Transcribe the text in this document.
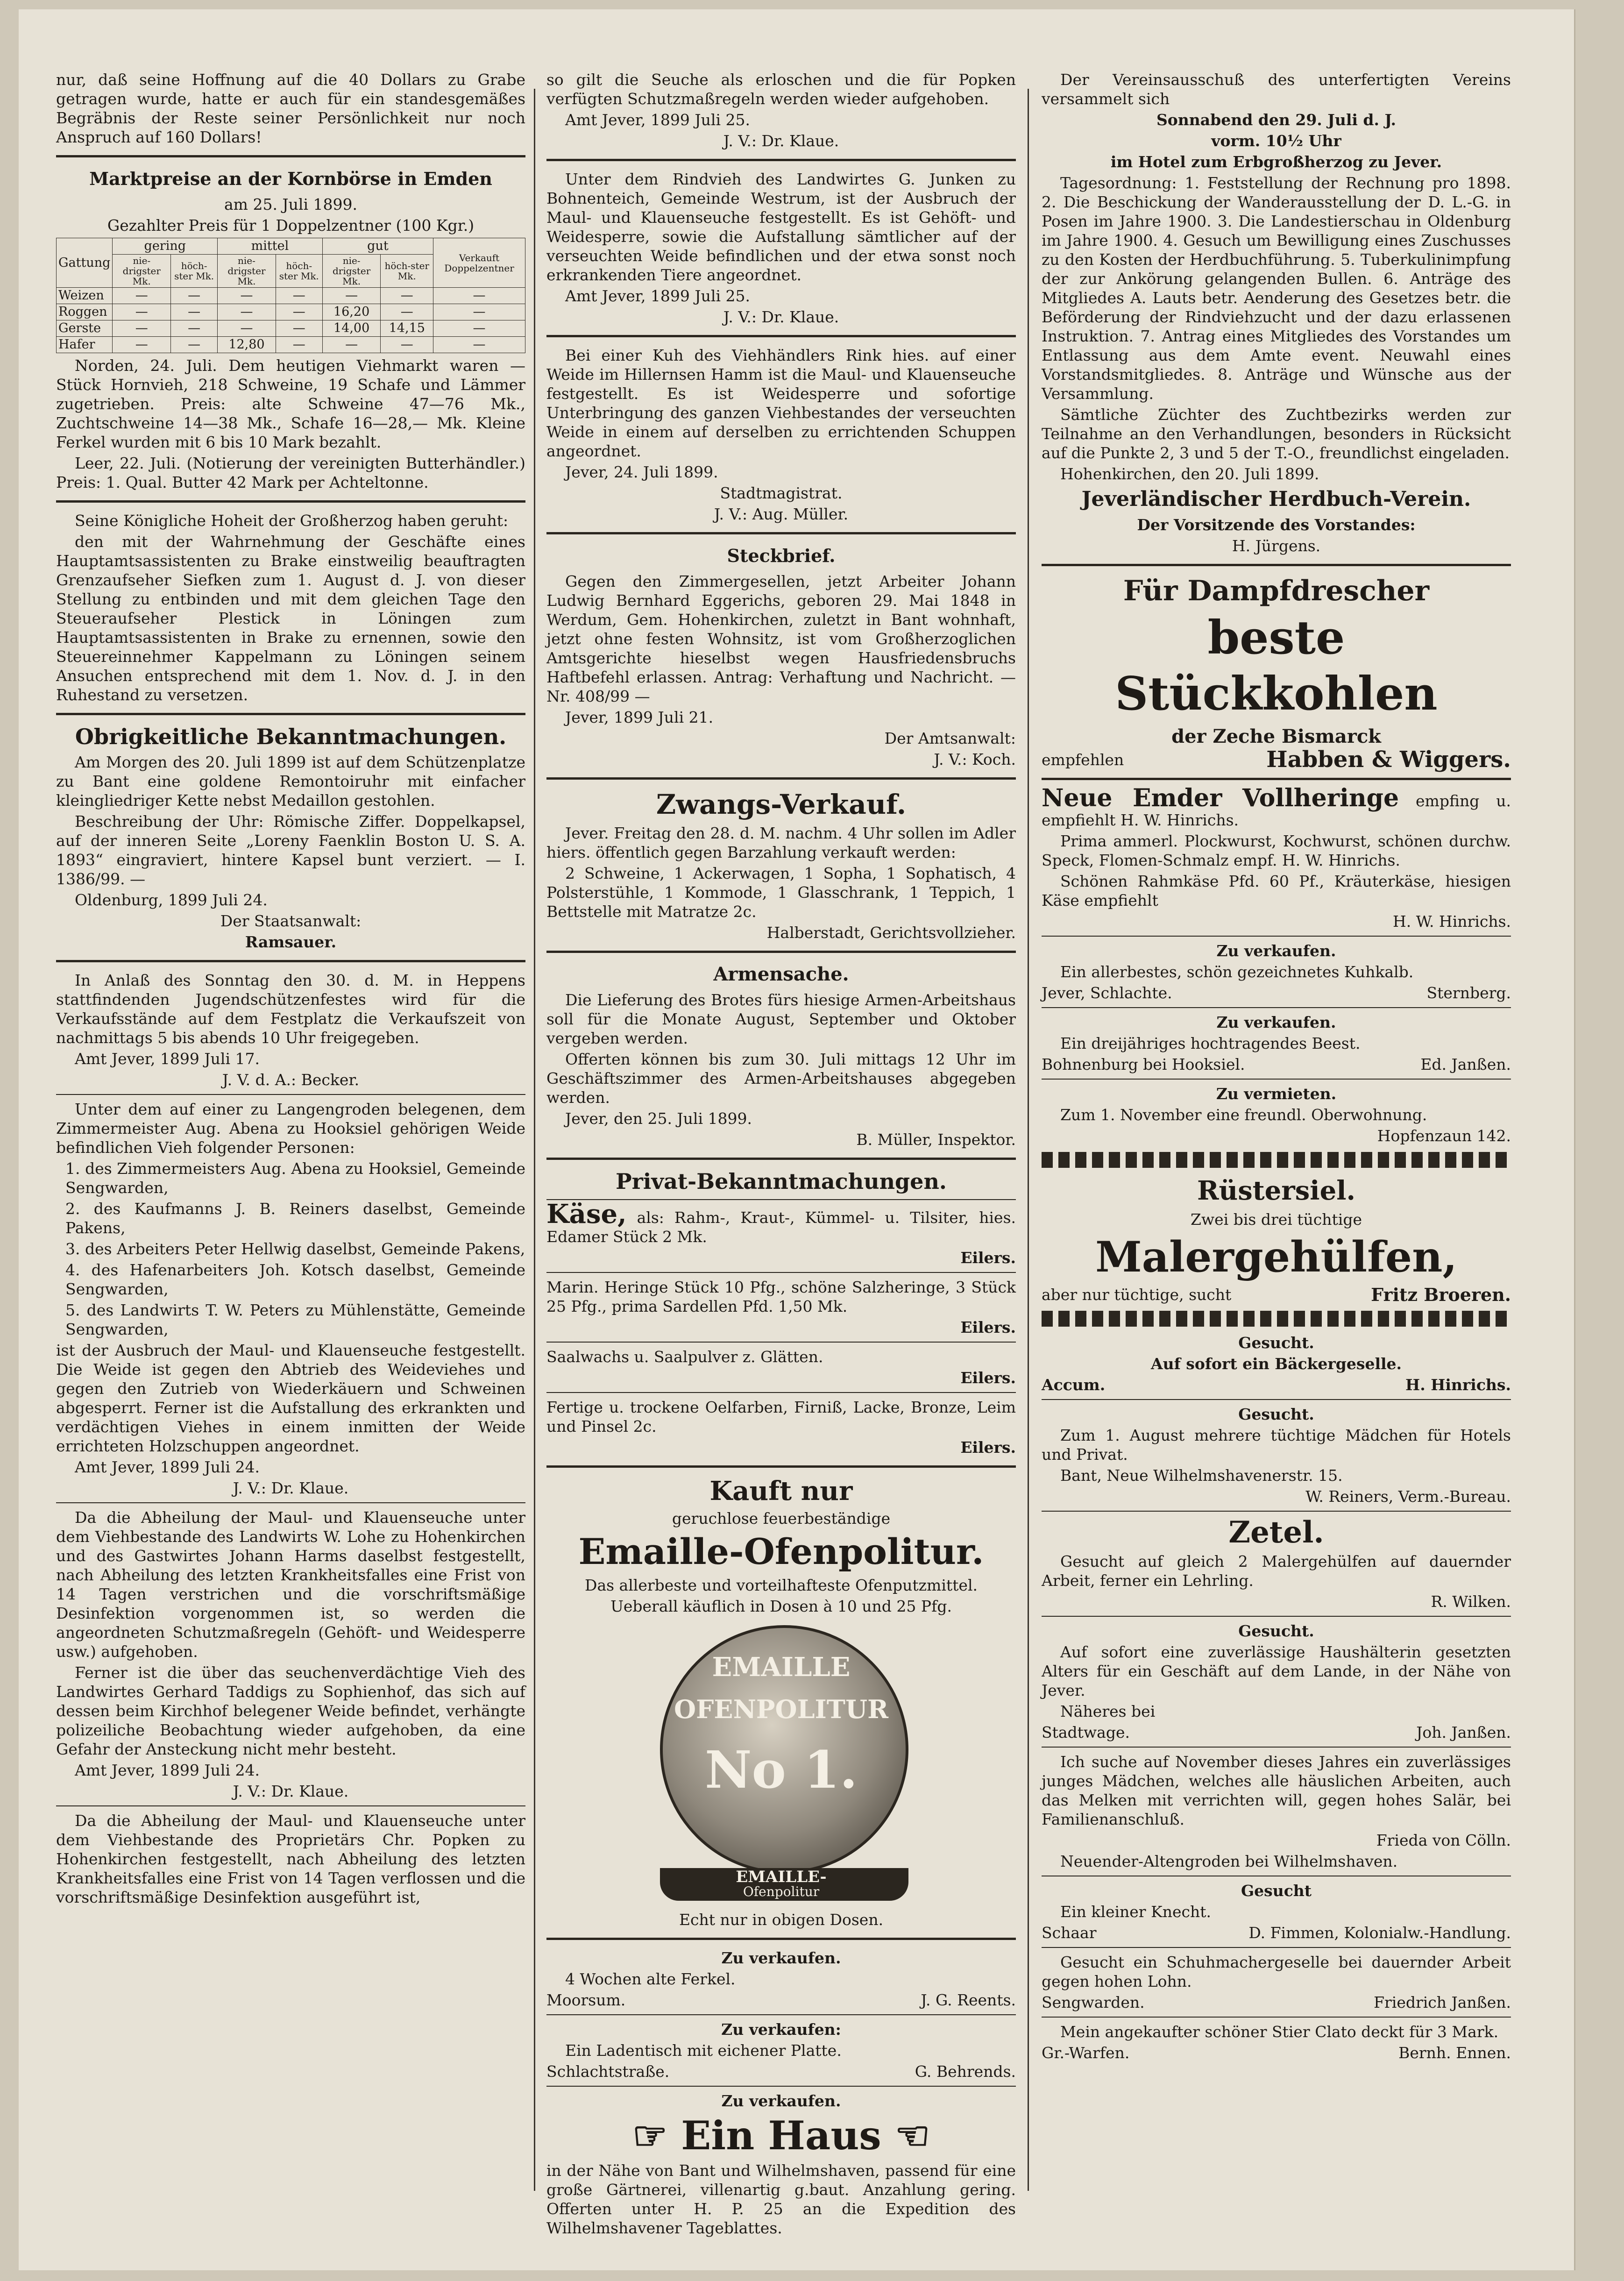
nur, daß seine Hoffnung auf die 40 Dollars zu Grabe getragen wurde, hatte er auch für ein standesgemäßes Begräbnis der Reste seiner Persönlichkeit nur noch Anspruch auf 160 Dollars!

Marktpreise an der Kornbörse in Emden

am 25. Juli 1899.

Gezahlter Preis für 1 Doppelzentner (100 Kgr.)

Gattung	gering		mittel		gut		Verkauft Doppelzentner
	nie-drigster Mk.	höch-ster Mk.	nie-drigster Mk.	höch-ster Mk.	nie-drigster Mk.	höch-ster Mk.	
Weizen	—	—	—	—	—	—	—
Roggen	—	—	—	—	16,20	—	—
Gerste	—	—	—	—	14,00	14,15	—
Hafer	—	—	12,80	—	—	—	—

Norden, 24. Juli. Dem heutigen Viehmarkt waren — Stück Hornvieh, 218 Schweine, 19 Schafe und Lämmer zugetrieben. Preis: alte Schweine 47—76 Mk., Zuchtschweine 14—38 Mk., Schafe 16—28,— Mk. Kleine Ferkel wurden mit 6 bis 10 Mark bezahlt.

Leer, 22. Juli. (Notierung der vereinigten Butterhändler.) Preis: 1. Qual. Butter 42 Mark per Achteltonne.

Seine Königliche Hoheit der Großherzog haben geruht:

den mit der Wahrnehmung der Geschäfte eines Hauptamtsassistenten zu Brake einstweilig beauftragten Grenzaufseher Siefken zum 1. August d. J. von dieser Stellung zu entbinden und mit dem gleichen Tage den Steueraufseher Plestick in Löningen zum Hauptamtsassistenten in Brake zu ernennen, sowie den Steuereinnehmer Kappelmann zu Löningen seinem Ansuchen entsprechend mit dem 1. Nov. d. J. in den Ruhestand zu versetzen.

Obrigkeitliche Bekanntmachungen.

Am Morgen des 20. Juli 1899 ist auf dem Schützenplatze zu Bant eine goldene Remontoiruhr mit einfacher kleingliedriger Kette nebst Medaillon gestohlen.

Beschreibung der Uhr: Römische Ziffer. Doppelkapsel, auf der inneren Seite „Loreny Faenklin Boston U. S. A. 1893“ eingraviert, hintere Kapsel bunt verziert. — I. 1386/99. —

Oldenburg, 1899 Juli 24.

Der Staatsanwalt:

Ramsauer.

In Anlaß des Sonntag den 30. d. M. in Heppens stattfindenden Jugendschützenfestes wird für die Verkaufsstände auf dem Festplatz die Verkaufszeit von nachmittags 5 bis abends 10 Uhr freigegeben.

Amt Jever, 1899 Juli 17.

J. V. d. A.: Becker.

Unter dem auf einer zu Langengroden belegenen, dem Zimmermeister Aug. Abena zu Hooksiel gehörigen Weide befindlichen Vieh folgender Personen:

1. des Zimmermeisters Aug. Abena zu Hooksiel, Gemeinde Sengwarden,

2. des Kaufmanns J. B. Reiners daselbst, Gemeinde Pakens,

3. des Arbeiters Peter Hellwig daselbst, Gemeinde Pakens,

4. des Hafenarbeiters Joh. Kotsch daselbst, Gemeinde Sengwarden,

5. des Landwirts T. W. Peters zu Mühlenstätte, Gemeinde Sengwarden,

ist der Ausbruch der Maul- und Klauenseuche festgestellt. Die Weide ist gegen den Abtrieb des Weideviehes und gegen den Zutrieb von Wiederkäuern und Schweinen abgesperrt. Ferner ist die Aufstallung des erkrankten und verdächtigen Viehes in einem inmitten der Weide errichteten Holzschuppen angeordnet.

Amt Jever, 1899 Juli 24.

J. V.: Dr. Klaue.

Da die Abheilung der Maul- und Klauenseuche unter dem Viehbestande des Landwirts W. Lohe zu Hohenkirchen und des Gastwirtes Johann Harms daselbst festgestellt, nach Abheilung des letzten Krankheitsfalles eine Frist von 14 Tagen verstrichen und die vorschriftsmäßige Desinfektion vorgenommen ist, so werden die angeordneten Schutzmaßregeln (Gehöft- und Weidesperre usw.) aufgehoben.

Ferner ist die über das seuchenverdächtige Vieh des Landwirtes Gerhard Taddigs zu Sophienhof, das sich auf dessen beim Kirchhof belegener Weide befindet, verhängte polizeiliche Beobachtung wieder aufgehoben, da eine Gefahr der Ansteckung nicht mehr besteht.

Amt Jever, 1899 Juli 24.

J. V.: Dr. Klaue.

Da die Abheilung der Maul- und Klauenseuche unter dem Viehbestande des Proprietärs Chr. Popken zu Hohenkirchen festgestellt, nach Abheilung des letzten Krankheitsfalles eine Frist von 14 Tagen verflossen und die vorschriftsmäßige Desinfektion ausgeführt ist,

so gilt die Seuche als erloschen und die für Popken verfügten Schutzmaßregeln werden wieder aufgehoben.

Amt Jever, 1899 Juli 25.

J. V.: Dr. Klaue.

Unter dem Rindvieh des Landwirtes G. Junken zu Bohnenteich, Gemeinde Westrum, ist der Ausbruch der Maul- und Klauenseuche festgestellt. Es ist Gehöft- und Weidesperre, sowie die Aufstallung sämtlicher auf der verseuchten Weide befindlichen und der etwa sonst noch erkrankenden Tiere angeordnet.

Amt Jever, 1899 Juli 25.

J. V.: Dr. Klaue.

Bei einer Kuh des Viehhändlers Rink hies. auf einer Weide im Hillernsen Hamm ist die Maul- und Klauenseuche festgestellt. Es ist Weidesperre und sofortige Unterbringung des ganzen Viehbestandes der verseuchten Weide in einem auf derselben zu errichtenden Schuppen angeordnet.

Jever, 24. Juli 1899.

Stadtmagistrat.

J. V.: Aug. Müller.

Steckbrief.

Gegen den Zimmergesellen, jetzt Arbeiter Johann Ludwig Bernhard Eggerichs, geboren 29. Mai 1848 in Werdum, Gem. Hohenkirchen, zuletzt in Bant wohnhaft, jetzt ohne festen Wohnsitz, ist vom Großherzoglichen Amtsgerichte hieselbst wegen Hausfriedensbruchs Haftbefehl erlassen. Antrag: Verhaftung und Nachricht. — Nr. 408/99 —

Jever, 1899 Juli 21.

Der Amtsanwalt:

J. V.: Koch.

Zwangs-Verkauf.

Jever. Freitag den 28. d. M. nachm. 4 Uhr sollen im Adler hiers. öffentlich gegen Barzahlung verkauft werden:

2 Schweine, 1 Ackerwagen, 1 Sopha, 1 Sophatisch, 4 Polsterstühle, 1 Kommode, 1 Glasschrank, 1 Teppich, 1 Bettstelle mit Matratze 2c.

Halberstadt, Gerichtsvollzieher.

Armensache.

Die Lieferung des Brotes fürs hiesige Armen-Arbeitshaus soll für die Monate August, September und Oktober vergeben werden.

Offerten können bis zum 30. Juli mittags 12 Uhr im Geschäftszimmer des Armen-Arbeitshauses abgegeben werden.

Jever, den 25. Juli 1899.

B. Müller, Inspektor.

Privat-Bekanntmachungen.

Käse, als: Rahm-, Kraut-, Kümmel- u. Tilsiter, hies. Edamer Stück 2 Mk.

Eilers.

Marin. Heringe Stück 10 Pfg., schöne Salzheringe, 3 Stück 25 Pfg., prima Sardellen Pfd. 1,50 Mk.

Eilers.

Saalwachs u. Saalpulver z. Glätten.

Eilers.

Fertige u. trockene Oelfarben, Firniß, Lacke, Bronze, Leim und Pinsel 2c.

Eilers.

Kauft nur

geruchlose feuerbeständige

Emaille-Ofenpolitur.

Das allerbeste und vorteilhafteste Ofenputzmittel.

Ueberall käuflich in Dosen à 10 und 25 Pfg.

EMAILLE
OFENPOLITUR
No 1.
EMAILLE-
Ofenpolitur

Echt nur in obigen Dosen.

Zu verkaufen.

4 Wochen alte Ferkel.

Moorsum.	J. G. Reents.

Zu verkaufen:

Ein Ladentisch mit eichener Platte.

Schlachtstraße.	G. Behrends.

Zu verkaufen.

☞ Ein Haus ☜

in der Nähe von Bant und Wilhelmshaven, passend für eine große Gärtnerei, villenartig g.baut. Anzahlung gering. Offerten unter H. P. 25 an die Expedition des Wilhelmshavener Tageblattes.

Der Vereinsausschuß des unterfertigten Vereins versammelt sich

Sonnabend den 29. Juli d. J.

vorm. 10½ Uhr

im Hotel zum Erbgroßherzog zu Jever.

Tagesordnung: 1. Feststellung der Rechnung pro 1898. 2. Die Beschickung der Wanderausstellung der D. L.-G. in Posen im Jahre 1900. 3. Die Landestierschau in Oldenburg im Jahre 1900. 4. Gesuch um Bewilligung eines Zuschusses zu den Kosten der Herdbuchführung. 5. Tuberkulinimpfung der zur Ankörung gelangenden Bullen. 6. Anträge des Mitgliedes A. Lauts betr. Aenderung des Gesetzes betr. die Beförderung der Rindviehzucht und der dazu erlassenen Instruktion. 7. Antrag eines Mitgliedes des Vorstandes um Entlassung aus dem Amte event. Neuwahl eines Vorstandsmitgliedes. 8. Anträge und Wünsche aus der Versammlung.

Sämtliche Züchter des Zuchtbezirks werden zur Teilnahme an den Verhandlungen, besonders in Rücksicht auf die Punkte 2, 3 und 5 der T.-O., freundlichst eingeladen.

Hohenkirchen, den 20. Juli 1899.

Jeverländischer Herdbuch-Verein.

Der Vorsitzende des Vorstandes:

H. Jürgens.

Für Dampfdrescher
beste Stückkohlen

der Zeche Bismarck

empfehlen	Habben & Wiggers.

Neue Emder Vollheringe empfing u. empfiehlt H. W. Hinrichs.

Prima ammerl. Plockwurst, Kochwurst, schönen durchw. Speck, Flomen-Schmalz empf. H. W. Hinrichs.

Schönen Rahmkäse Pfd. 60 Pf., Kräuterkäse, hiesigen Käse empfiehlt

H. W. Hinrichs.

Zu verkaufen.

Ein allerbestes, schön gezeichnetes Kuhkalb.

Jever, Schlachte.	Sternberg.

Zu verkaufen.

Ein dreijähriges hochtragendes Beest.

Bohnenburg bei Hooksiel.	Ed. Janßen.

Zu vermieten.

Zum 1. November eine freundl. Oberwohnung.

Hopfenzaun 142.

Rüstersiel.

Zwei bis drei tüchtige

Malergehülfen,

aber nur tüchtige, sucht	Fritz Broeren.

Gesucht.

Auf sofort ein Bäckergeselle.

Accum.	H. Hinrichs.

Gesucht.

Zum 1. August mehrere tüchtige Mädchen für Hotels und Privat.

Bant, Neue Wilhelmshavenerstr. 15.

W. Reiners, Verm.-Bureau.

Zetel.

Gesucht auf gleich 2 Malergehülfen auf dauernder Arbeit, ferner ein Lehrling.

R. Wilken.

Gesucht.

Auf sofort eine zuverlässige Haushälterin gesetzten Alters für ein Geschäft auf dem Lande, in der Nähe von Jever.

Näheres bei

Stadtwage.	Joh. Janßen.

Ich suche auf November dieses Jahres ein zuverlässiges junges Mädchen, welches alle häuslichen Arbeiten, auch das Melken mit verrichten will, gegen hohes Salär, bei Familienanschluß.

Frieda von Cölln.

Neuender-Altengroden bei Wilhelmshaven.

Gesucht

Ein kleiner Knecht.

Schaar	D. Fimmen, Kolonialw.-Handlung.

Gesucht ein Schuhmachergeselle bei dauernder Arbeit gegen hohen Lohn.

Sengwarden.	Friedrich Janßen.

Mein angekaufter schöner Stier Clato deckt für 3 Mark.

Gr.-Warfen.	Bernh. Ennen.
